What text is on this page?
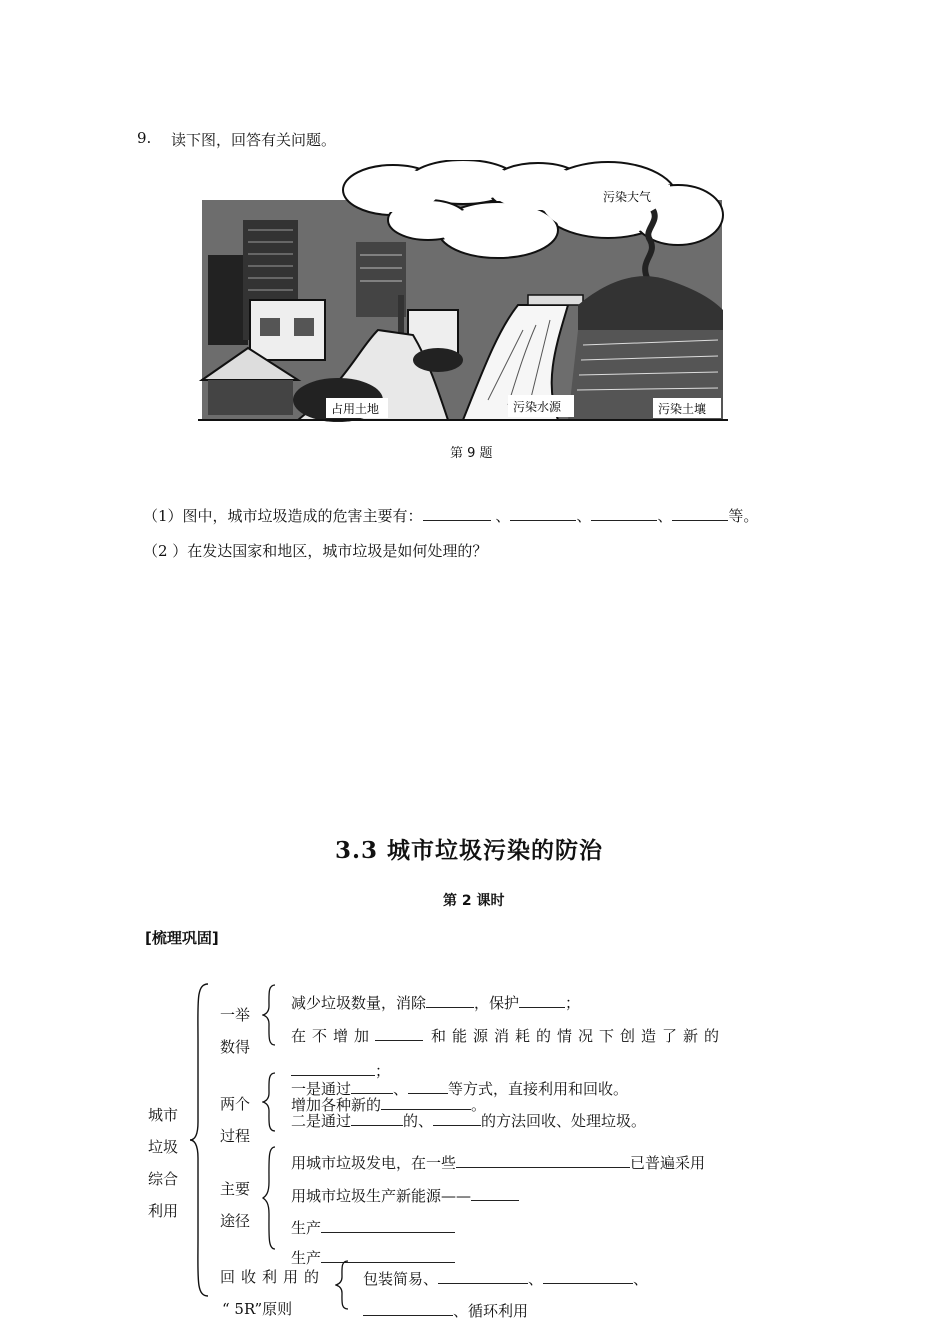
9. 读下图，回答有关问题。
污染大气
占用土地	污染水源	污染土壤
第 9 题
（1）图中，城市垃圾造成的危害主要有：	、	、	、	等。
（2 ）在发达国家和地区，城市垃圾是如何处理的？
3.3 城市垃圾污染的防治
第 2 课时
[梳理巩固]
城市
垃圾
综合
利用
一举
数得
减少垃圾数量，消除	，保护	；
在不增加	和能源消耗的情况下创造了新的
；
两个
过程
一是通过	、	等方式，直接利用和回收。
增加各种新的	。
二是通过	的、	的方法回收、处理垃圾。
主要
途径
用城市垃圾发电，在一些	已普遍采用
用城市垃圾生产新能源——
生产
生产
回收利用的
“ 5R”原则
包装简易、	、	、
、循环利用
